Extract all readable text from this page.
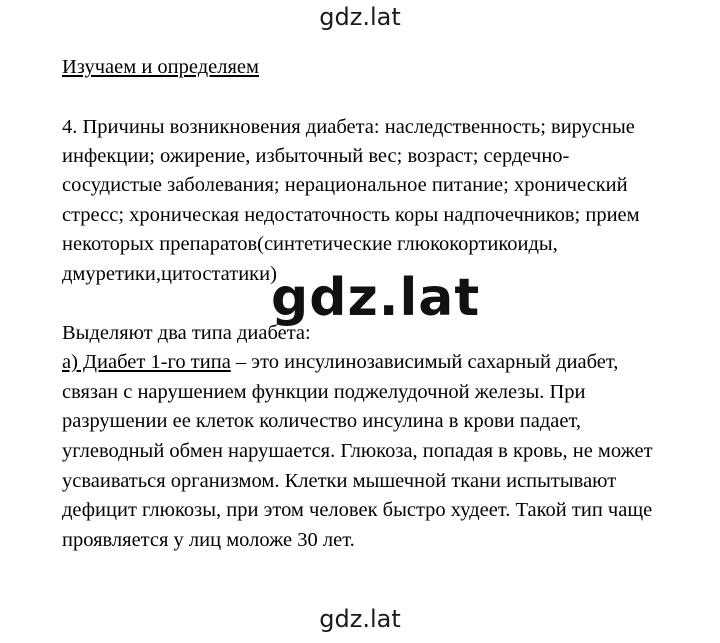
gdz.lat
Изучаем и определяем
4. Причины возникновения диабета: наследственность; вирусные
инфекции; ожирение, избыточный вес; возраст; сердечно-
сосудистые заболевания; нерациональное питание; хронический
стресс; хроническая недостаточность коры надпочечников; прием
некоторых препаратов(синтетические глюкокортикоиды,
дмуретики,цитостатики)
Выделяют два типа диабета:
а) Диабет 1-го типа – это инсулинозависимый сахарный диабет,
связан с нарушением функции поджелудочной железы. При
разрушении ее клеток количество инсулина в крови падает,
углеводный обмен нарушается. Глюкоза, попадая в кровь, не может
усваиваться организмом. Клетки мышечной ткани испытывают
дефицит глюкозы, при этом человек быстро худеет. Такой тип чаще
проявляется у лиц моложе 30 лет.
gdz.lat
gdz.lat
